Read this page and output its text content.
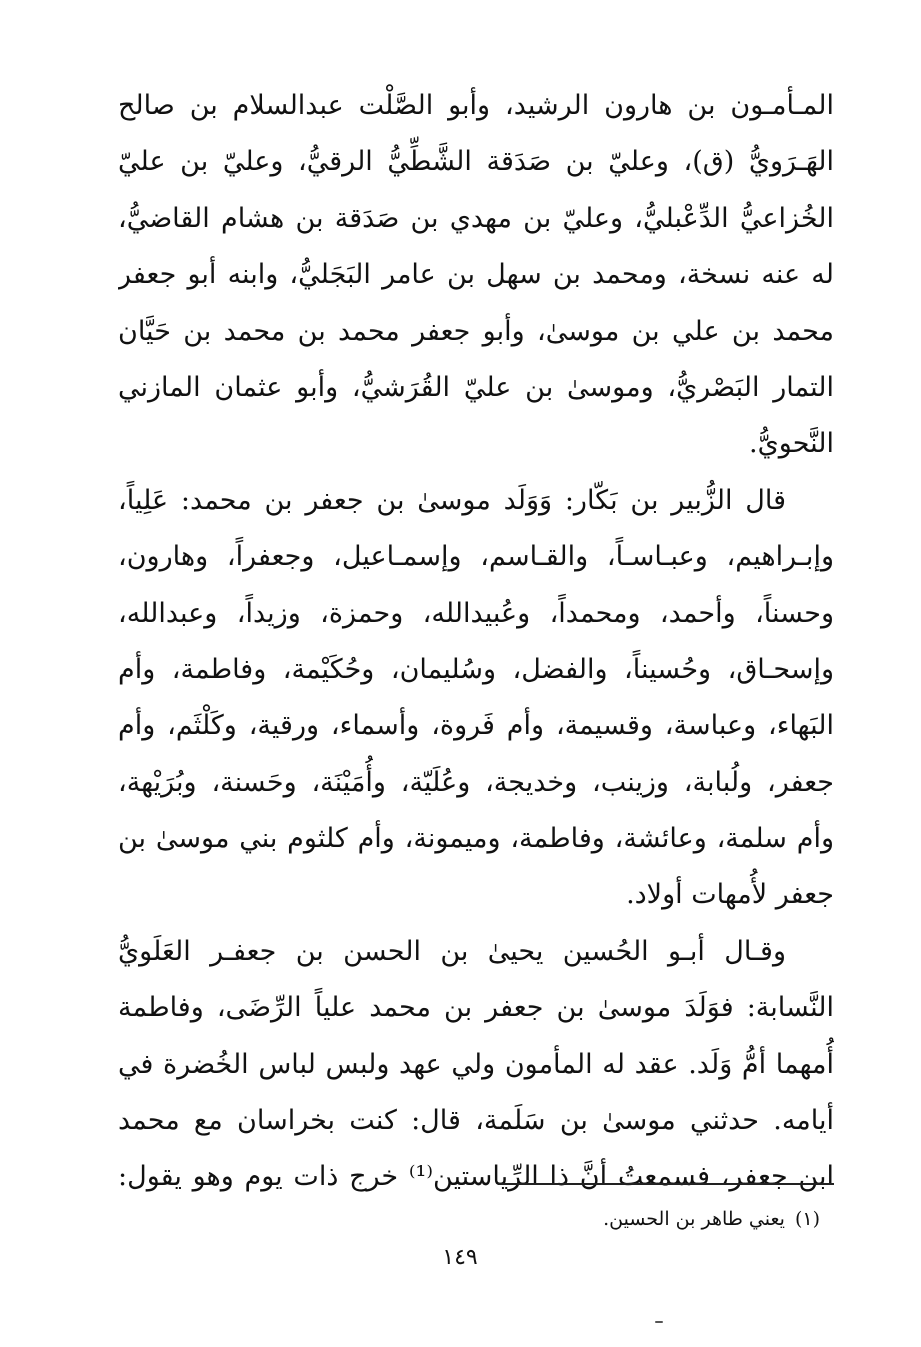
المـأمـون بن هارون الرشيد، وأبو الصَّلْت عبدالسلام بن صالح
الهَـرَويُّ (ق)، وعليّ بن صَدَقة الشَّطِّيُّ الرقيُّ، وعليّ بن عليّ
الخُزاعيُّ الدِّعْبليُّ، وعليّ بن مهدي بن صَدَقة بن هشام القاضيُّ،
له عنه نسخة، ومحمد بن سهل بن عامر البَجَليُّ، وابنه أبو جعفر
محمد بن علي بن موسىٰ، وأبو جعفر محمد بن محمد بن حَيَّان
التمار البَصْريُّ، وموسىٰ بن عليّ القُرَشيُّ، وأبو عثمان المازني
النَّحويُّ.
قال الزُّبير بن بَكّار: وَوَلَد موسىٰ بن جعفر بن محمد: عَلِياً،
وإبـراهيم، وعبـاسـاً، والقـاسم، وإسمـاعيل، وجعفراً، وهارون،
وحسناً، وأحمد، ومحمداً، وعُبيدالله، وحمزة، وزيداً، وعبدالله،
وإسحـاق، وحُسيناً، والفضل، وسُليمان، وحُكَيْمة، وفاطمة، وأم
البَهاء، وعباسة، وقسيمة، وأم فَروة، وأسماء، ورقية، وكَلْثَم، وأم
جعفر، ولُبابة، وزينب، وخديجة، وعُلَيّة، وأُمَيْنَة، وحَسنة، وبُرَيْهة،
وأم سلمة، وعائشة، وفاطمة، وميمونة، وأم كلثوم بني موسىٰ بن
جعفر لأُمهات أولاد.
وقـال أبـو الحُسين يحيىٰ بن الحسن بن جعفـر العَلَويُّ
النَّسابة: فوَلَدَ موسىٰ بن جعفر بن محمد علياً الرِّضَى، وفاطمة
أُمهما أمُّ وَلَد. عقد له المأمون ولي عهد ولبس لباس الخُضرة في
أيامه. حدثني موسىٰ بن سَلَمة، قال: كنت بخراسان مع محمد
ابن جعفر، فسمعتُ أنَّ ذا الرِّياستين⁽¹⁾ خرج ذات يوم وهو يقول:
(١)يعني طاهر بن الحسين.
١٤٩
